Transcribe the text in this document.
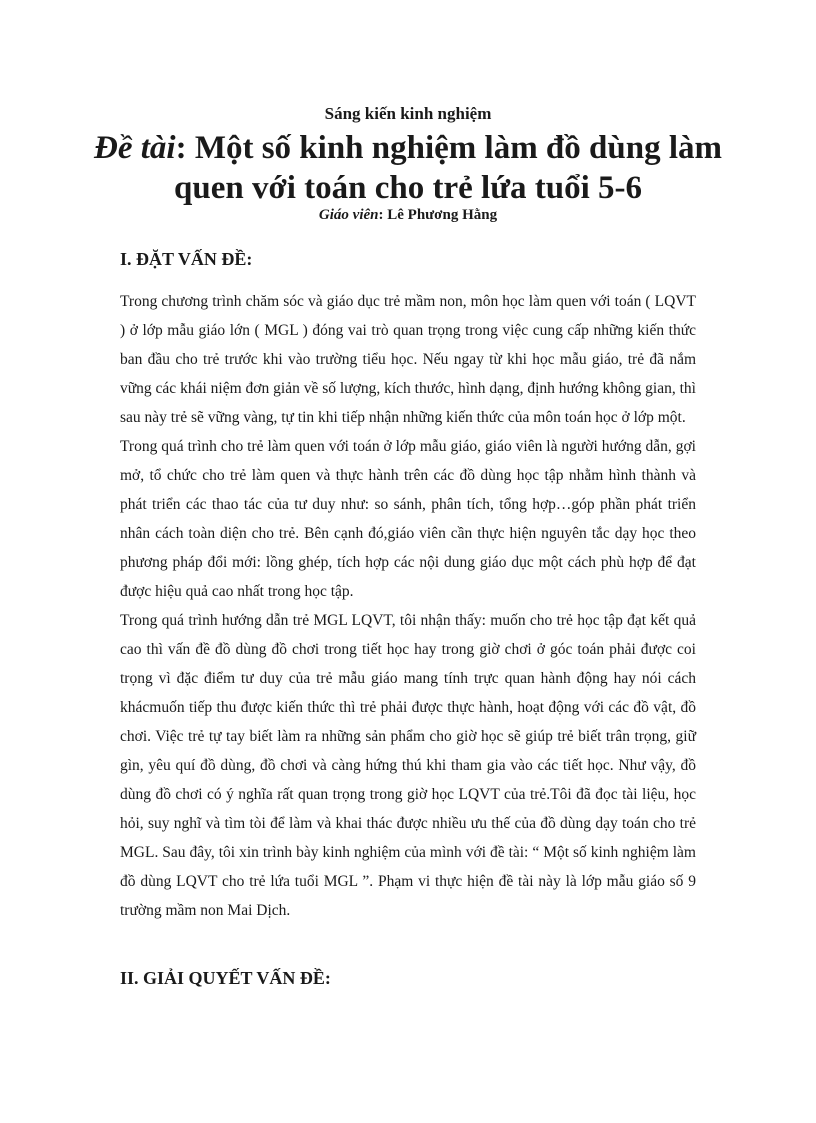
Sáng kiến kinh nghiệm
Đề tài: Một số kinh nghiệm làm đồ dùng làm quen với toán cho trẻ lứa tuổi 5-6
Giáo viên: Lê Phương Hằng
I. ĐẶT VẤN ĐỀ:

Trong chương trình chăm sóc và giáo dục trẻ mầm non, môn học làm quen với toán ( LQVT ) ở lớp mẫu giáo lớn ( MGL ) đóng vai trò quan trọng trong việc cung cấp những kiến thức ban đầu cho trẻ trước khi vào trường tiểu học. Nếu ngay từ khi học mẫu giáo, trẻ đã nắm vững các khái niệm đơn giản về số lượng, kích thước, hình dạng, định hướng không gian, thì sau này trẻ sẽ vững vàng, tự tin khi tiếp nhận những kiến thức của môn toán học ở lớp một.

Trong quá trình cho trẻ làm quen với toán ở lớp mẫu giáo, giáo viên là người hướng dẫn, gợi mở, tổ chức cho trẻ làm quen và thực hành trên các đồ dùng học tập nhằm hình thành và phát triển các thao tác của tư duy như: so sánh, phân tích, tổng hợp…góp phần phát triển nhân cách toàn diện cho trẻ. Bên cạnh đó,giáo viên cần thực hiện nguyên tắc dạy học theo phương pháp đổi mới: lồng ghép, tích hợp các nội dung giáo dục một cách phù hợp để đạt được hiệu quả cao nhất trong học tập.

Trong quá trình hướng dẫn trẻ MGL LQVT, tôi nhận thấy: muốn cho trẻ học tập đạt kết quả cao thì vấn đề đồ dùng đồ chơi trong tiết học hay trong giờ chơi ở góc toán phải được coi trọng vì đặc điểm tư duy của trẻ mẫu giáo mang tính trực quan hành động hay nói cách khácmuốn tiếp thu được kiến thức thì trẻ phải được thực hành, hoạt động với các đồ vật, đồ chơi. Việc trẻ tự tay biết làm ra những sản phẩm cho giờ học sẽ giúp trẻ biết trân trọng, giữ gìn, yêu quí đồ dùng, đồ chơi và càng hứng thú khi tham gia vào các tiết học. Như vậy, đồ dùng đồ chơi có ý nghĩa rất quan trọng trong giờ học LQVT của trẻ.Tôi đã đọc tài liệu, học hỏi, suy nghĩ và tìm tòi để làm và khai thác được nhiều ưu thế của đồ dùng dạy toán cho trẻ MGL. Sau đây, tôi xin trình bày kinh nghiệm của mình với đề tài: “ Một số kinh nghiệm làm đồ dùng LQVT cho trẻ lứa tuổi MGL ”. Phạm vi thực hiện đề tài này là lớp mẫu giáo số 9 trường mầm non Mai Dịch.

II. GIẢI QUYẾT VẤN ĐỀ:
